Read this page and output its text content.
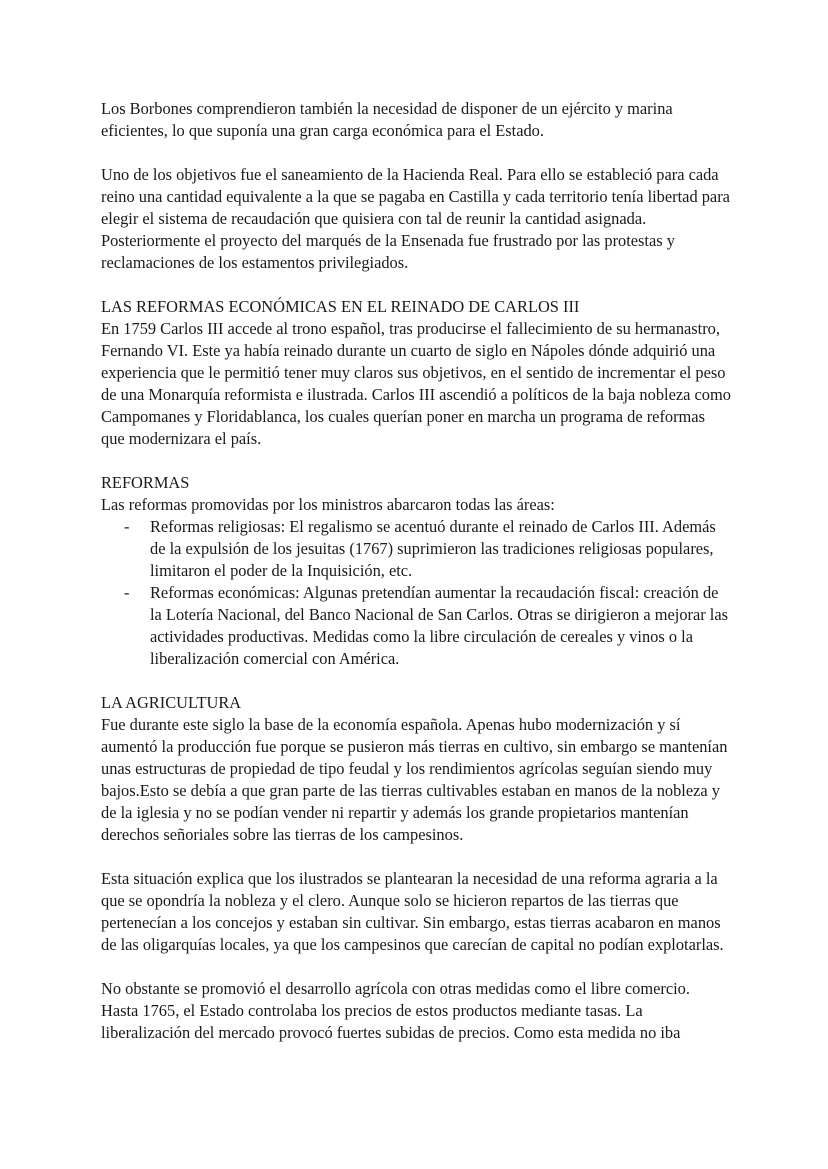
Los Borbones comprendieron también la necesidad de disponer de un ejército y marina eficientes, lo que suponía una gran carga económica para el Estado.

Uno de los objetivos fue el saneamiento de la Hacienda Real. Para ello se estableció para cada reino una cantidad equivalente a la que se pagaba en Castilla y cada territorio tenía libertad para elegir el sistema de recaudación que quisiera con tal de reunir la cantidad asignada. Posteriormente el proyecto del marqués de la Ensenada fue frustrado por las protestas y reclamaciones de los estamentos privilegiados.

LAS REFORMAS ECONÓMICAS EN EL REINADO DE CARLOS III

En 1759 Carlos III accede al trono español, tras producirse el fallecimiento de su hermanastro, Fernando VI. Este ya había reinado durante un cuarto de siglo en Nápoles dónde adquirió una experiencia que le permitió tener muy claros sus objetivos, en el sentido de incrementar el peso de una Monarquía reformista e ilustrada. Carlos III ascendió a políticos de la baja nobleza como Campomanes y Floridablanca, los cuales querían poner en marcha un programa de reformas que modernizara el país.

REFORMAS

Las reformas promovidas por los ministros abarcaron todas las áreas:

- Reformas religiosas: El regalismo se acentuó durante el reinado de Carlos III. Además de la expulsión de los jesuitas (1767) suprimieron las tradiciones religiosas populares, limitaron el poder de la Inquisición, etc.
- Reformas económicas: Algunas pretendían aumentar la recaudación fiscal: creación de la Lotería Nacional, del Banco Nacional de San Carlos. Otras se dirigieron a mejorar las actividades productivas. Medidas como la libre circulación de cereales y vinos o la liberalización comercial con América.

LA AGRICULTURA

Fue durante este siglo la base de la economía española. Apenas hubo modernización y sí aumentó la producción fue porque se pusieron más tierras en cultivo, sin embargo se mantenían unas estructuras de propiedad de tipo feudal y los rendimientos agrícolas seguían siendo muy bajos.Esto se debía a que gran parte de las tierras cultivables estaban en manos de la nobleza y de la iglesia y no se podían vender ni repartir y además los grande propietarios mantenían derechos señoriales sobre las tierras de los campesinos.

Esta situación explica que los ilustrados se plantearan la necesidad de una reforma agraria a la que se opondría la nobleza y el clero. Aunque solo se hicieron repartos de las tierras que pertenecían a los concejos y estaban sin cultivar. Sin embargo, estas tierras acabaron en manos de las oligarquías locales, ya que los campesinos que carecían de capital no podían explotarlas.

No obstante se promovió el desarrollo agrícola con otras medidas como el libre comercio. Hasta 1765, el Estado controlaba los precios de estos productos mediante tasas. La liberalización del mercado provocó fuertes subidas de precios. Como esta medida no iba
